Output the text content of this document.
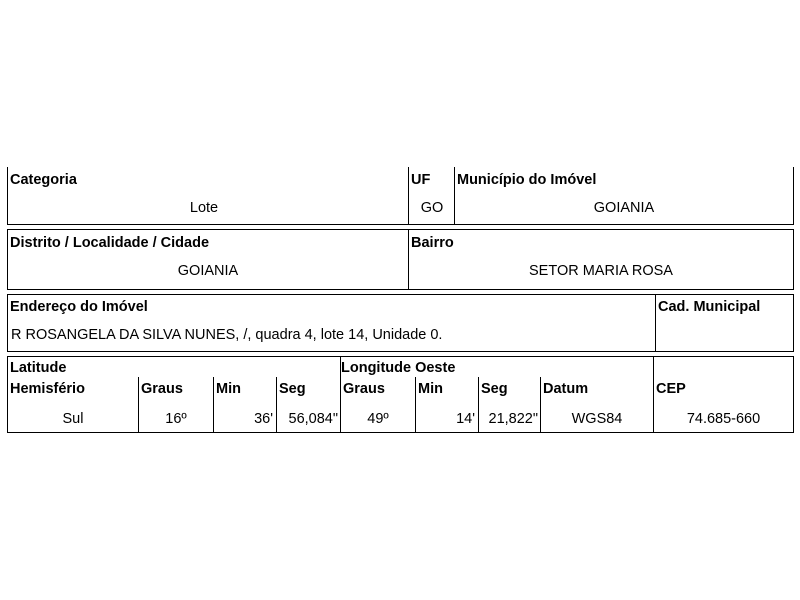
Categoria
Lote
UF
GO
Município do Imóvel
GOIANIA
Distrito / Localidade / Cidade
GOIANIA
Bairro
SETOR MARIA ROSA
Endereço do Imóvel
R ROSANGELA DA SILVA NUNES, /, quadra 4, lote 14, Unidade 0.
Cad. Municipal
Latitude	Longitude Oeste
Hemisfério
Sul
Graus
16º
Min
36'
Seg
56,084"
Graus
49º
Min
14'
Seg
21,822"
Datum
WGS84
CEP
74.685-660
